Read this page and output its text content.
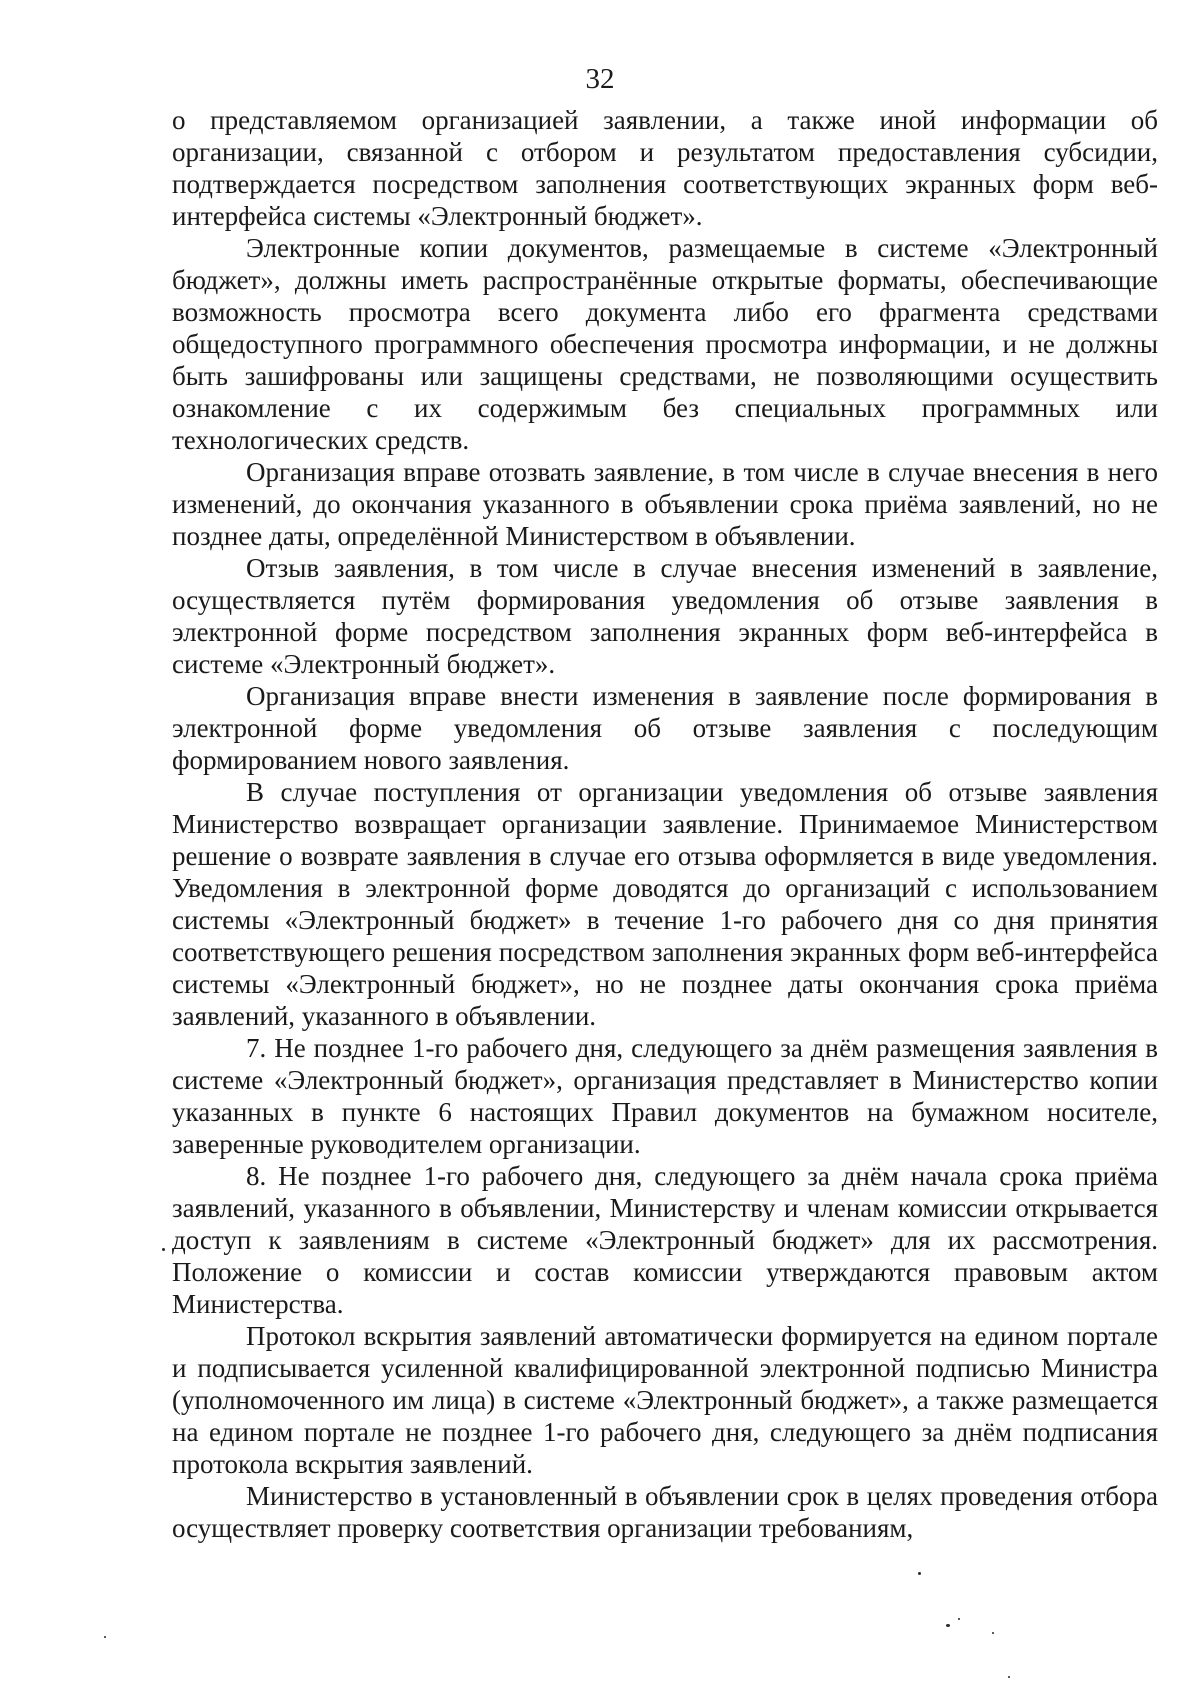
32

о представляемом организацией заявлении, а также иной информации об организации, связанной с отбором и результатом предоставления субсидии, подтверждается посредством заполнения соответствующих экранных форм веб-интерфейса системы «Электронный бюджет».

Электронные копии документов, размещаемые в системе «Электронный бюджет», должны иметь распространённые открытые форматы, обеспечивающие возможность просмотра всего документа либо его фрагмента средствами общедоступного программного обеспечения просмотра информации, и не должны быть зашифрованы или защищены средствами, не позволяющими осуществить ознакомление с их содержимым без специальных программных или технологических средств.

Организация вправе отозвать заявление, в том числе в случае внесения в него изменений, до окончания указанного в объявлении срока приёма заявлений, но не позднее даты, определённой Министерством в объявлении.

Отзыв заявления, в том числе в случае внесения изменений в заявление, осуществляется путём формирования уведомления об отзыве заявления в электронной форме посредством заполнения экранных форм веб-интерфейса в системе «Электронный бюджет».

Организация вправе внести изменения в заявление после формирования в электронной форме уведомления об отзыве заявления с последующим формированием нового заявления.

В случае поступления от организации уведомления об отзыве заявления Министерство возвращает организации заявление. Принимаемое Министерством решение о возврате заявления в случае его отзыва оформляется в виде уведомления. Уведомления в электронной форме доводятся до организаций с использованием системы «Электронный бюджет» в течение 1-го рабочего дня со дня принятия соответствующего решения посредством заполнения экранных форм веб-интерфейса системы «Электронный бюджет», но не позднее даты окончания срока приёма заявлений, указанного в объявлении.

7. Не позднее 1-го рабочего дня, следующего за днём размещения заявления в системе «Электронный бюджет», организация представляет в Министерство копии указанных в пункте 6 настоящих Правил документов на бумажном носителе, заверенные руководителем организации.

8. Не позднее 1-го рабочего дня, следующего за днём начала срока приёма заявлений, указанного в объявлении, Министерству и членам комиссии открывается доступ к заявлениям в системе «Электронный бюджет» для их рассмотрения. Положение о комиссии и состав комиссии утверждаются правовым актом Министерства.

Протокол вскрытия заявлений автоматически формируется на едином портале и подписывается усиленной квалифицированной электронной подписью Министра (уполномоченного им лица) в системе «Электронный бюджет», а также размещается на едином портале не позднее 1-го рабочего дня, следующего за днём подписания протокола вскрытия заявлений.

Министерство в установленный в объявлении срок в целях проведения отбора осуществляет проверку соответствия организации требованиям,
